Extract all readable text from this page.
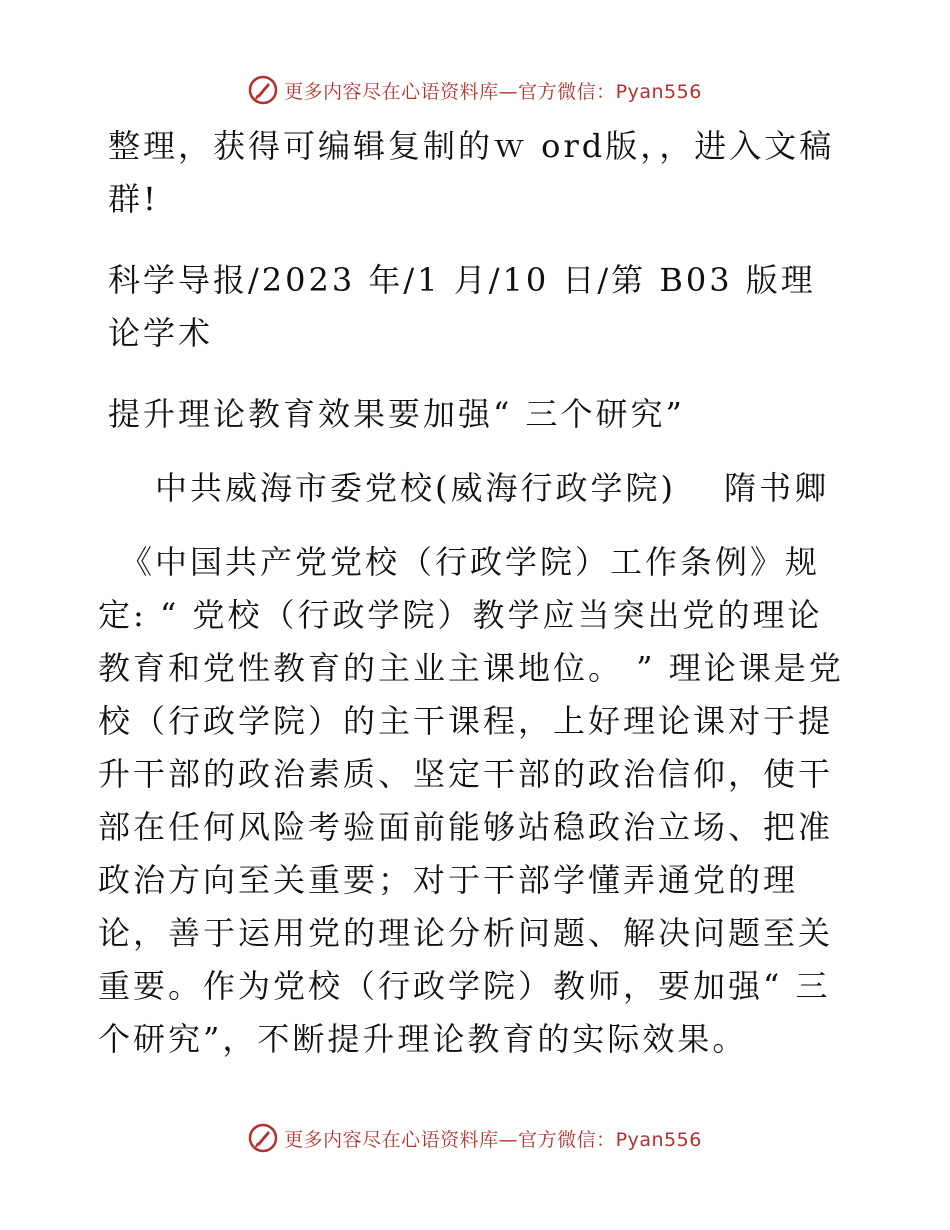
更多内容尽在心语资料库—官方微信：Pyan556
整理，获得可编辑复制的ｗ ord版，，进入文稿群!
科学导报/2023 年/1 月/10 日/第 B03 版理论学术
提升理论教育效果要加强“ 三个研究”
中共威海市委党校(威海行政学院)　 隋书卿
《中国共产党党校（行政学院）工作条例》规定: “ 党校（行政学院）教学应当突出党的理论教育和党性教育的主业主课地位。 ” 理论课是党校（行政学院）的主干课程，上好理论课对于提升干部的政治素质、坚定干部的政治信仰，使干部在任何风险考验面前能够站稳政治立场、把准政治方向至关重要；对于干部学懂弄通党的理论，善于运用党的理论分析问题、解决问题至关重要。作为党校（行政学院）教师，要加强“ 三个研究”，不断提升理论教育的实际效果。
更多内容尽在心语资料库—官方微信：Pyan556
